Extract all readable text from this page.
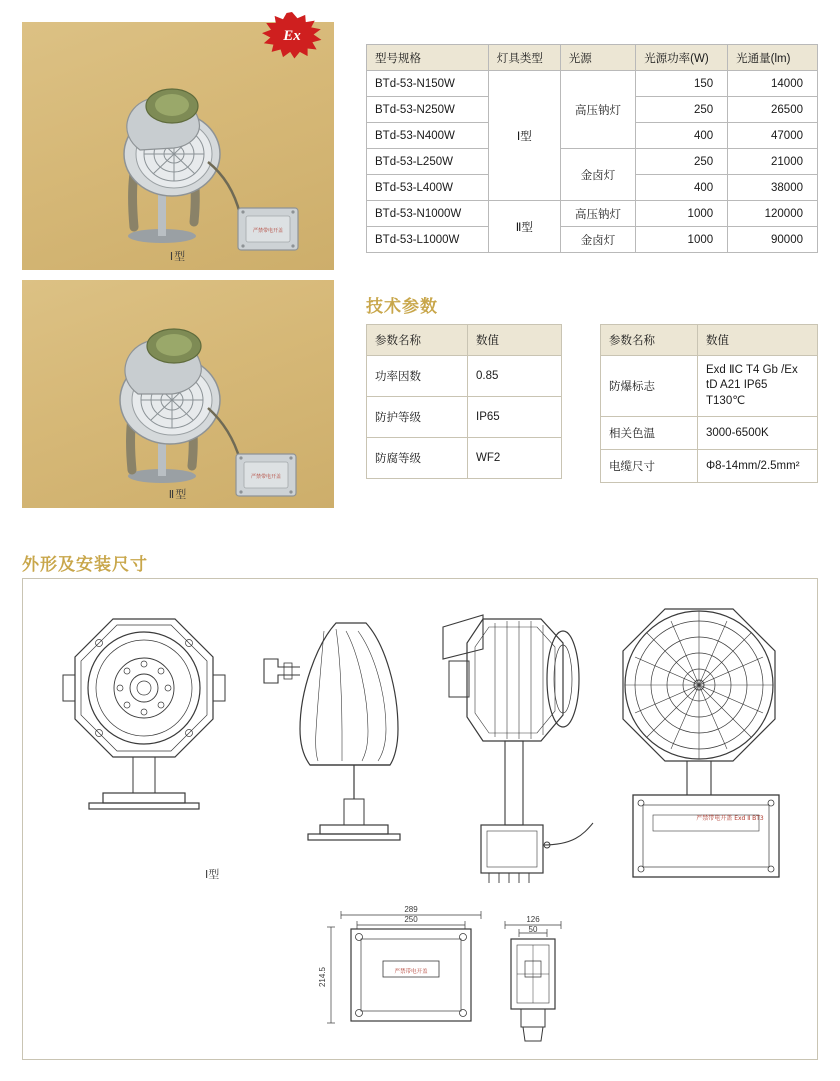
严禁带电开盖
Ⅰ型
Ex
严禁带电开盖
Ⅱ型
型号规格	灯具类型	光源	光源功率(W)	光通量(lm)
BTd-53-N150W	Ⅰ型	高压钠灯	150	14000
BTd-53-N250W			250	26500
BTd-53-N400W			400	47000
BTd-53-L250W		金卤灯	250	21000
BTd-53-L400W			400	38000
BTd-53-N1000W	Ⅱ型	高压钠灯	1000	120000
BTd-53-L1000W		金卤灯	1000	90000
技术参数
参数名称	数值
功率因数	0.85
防护等级	IP65
防腐等级	WF2
参数名称	数值
防爆标志	Exd ⅡC T4 Gb /Ex tD A21 IP65 T130℃
相关色温	3000-6500K
电缆尺寸	Φ8-14mm/2.5mm²
外形及安装尺寸
严禁带电开盖 Exd Ⅱ BT3
严禁带电开盖
289
250
214.5
126
50
Ⅰ型
